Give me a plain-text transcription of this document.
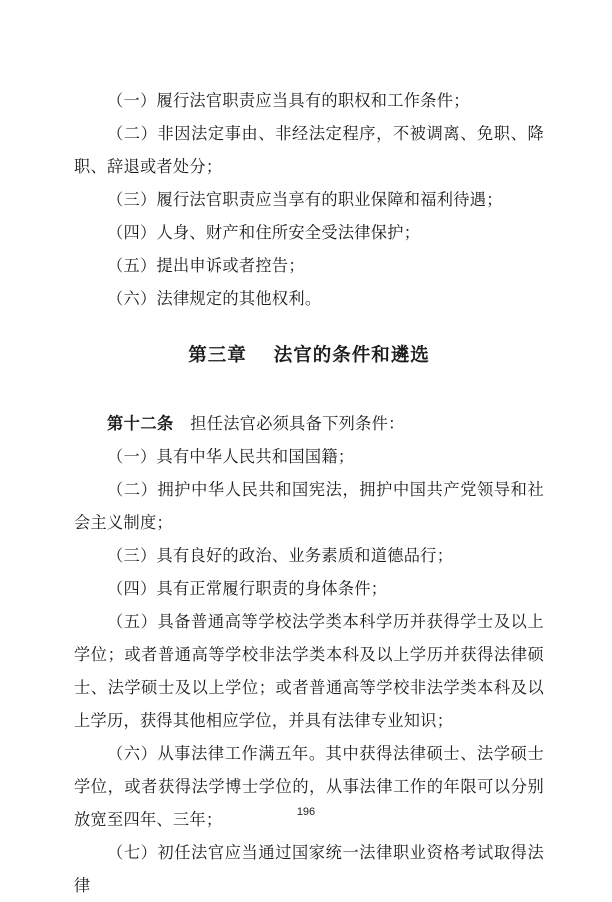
（一）履行法官职责应当具有的职权和工作条件；

（二）非因法定事由、非经法定程序，不被调离、免职、降职、辞退或者处分；

（三）履行法官职责应当享有的职业保障和福利待遇；

（四）人身、财产和住所安全受法律保护；

（五）提出申诉或者控告；

（六）法律规定的其他权利。

第三章　 法官的条件和遴选

第十二条　 担任法官必须具备下列条件：

（一）具有中华人民共和国国籍；

（二）拥护中华人民共和国宪法，拥护中国共产党领导和社会主义制度；

（三）具有良好的政治、业务素质和道德品行；

（四）具有正常履行职责的身体条件；

（五）具备普通高等学校法学类本科学历并获得学士及以上学位；或者普通高等学校非法学类本科及以上学历并获得法律硕士、法学硕士及以上学位；或者普通高等学校非法学类本科及以上学历，获得其他相应学位，并具有法律专业知识；

（六）从事法律工作满五年。其中获得法律硕士、法学硕士学位，或者获得法学博士学位的，从事法律工作的年限可以分别放宽至四年、三年；

（七）初任法官应当通过国家统一法律职业资格考试取得法律

196
